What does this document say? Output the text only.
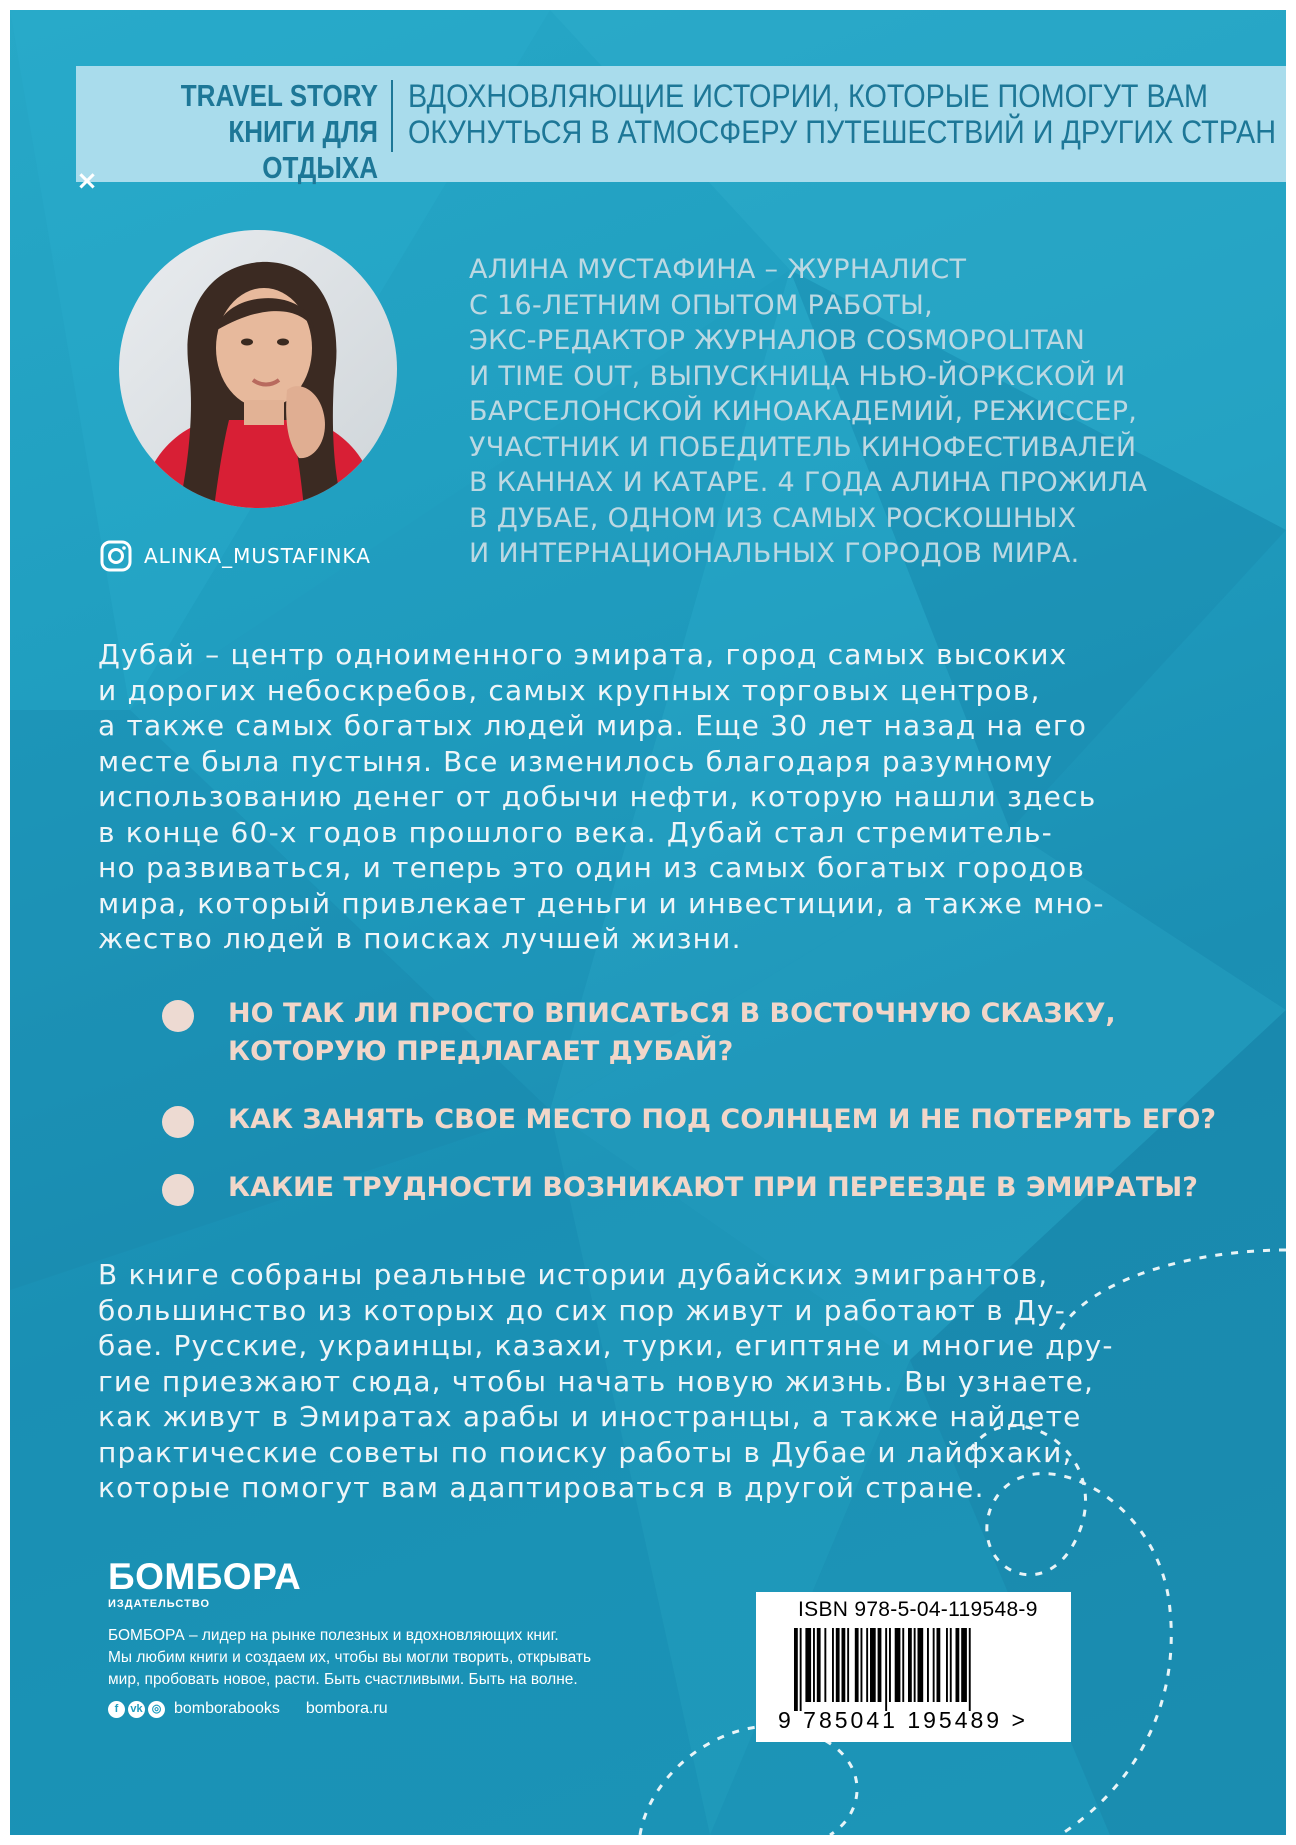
×
TRAVEL STORY
КНИГИ ДЛЯ ОТДЫХА
ВДОХНОВЛЯЮЩИЕ ИСТОРИИ, КОТОРЫЕ ПОМОГУТ ВАМ
ОКУНУТЬСЯ В АТМОСФЕРУ ПУТЕШЕСТВИЙ И ДРУГИХ СТРАН
ALINKA_MUSTAFINKA
АЛИНА МУСТАФИНА – ЖУРНАЛИСТ
С 16-ЛЕТНИМ ОПЫТОМ РАБОТЫ,
ЭКС-РЕДАКТОР ЖУРНАЛОВ COSMOPOLITAN
И TIME OUT, ВЫПУСКНИЦА НЬЮ-ЙОРКСКОЙ И
БАРСЕЛОНСКОЙ КИНОАКАДЕМИЙ, РЕЖИССЕР,
УЧАСТНИК И ПОБЕДИТЕЛЬ КИНОФЕСТИВАЛЕЙ
В КАННАХ И КАТАРЕ. 4 ГОДА АЛИНА ПРОЖИЛА
В ДУБАЕ, ОДНОМ ИЗ САМЫХ РОСКОШНЫХ
И ИНТЕРНАЦИОНАЛЬНЫХ ГОРОДОВ МИРА.
Дубай – центр одноименного эмирата, город самых высоких
и дорогих небоскребов, самых крупных торговых центров,
а также самых богатых людей мира. Еще 30 лет назад на его
месте была пустыня. Все изменилось благодаря разумному
использованию денег от добычи нефти, которую нашли здесь
в конце 60-х годов прошлого века. Дубай стал стремитель-
но развиваться, и теперь это один из самых богатых городов
мира, который привлекает деньги и инвестиции, а также мно-
жество людей в поисках лучшей жизни.
НО ТАК ЛИ ПРОСТО ВПИСАТЬСЯ В ВОСТОЧНУЮ СКАЗКУ,
КОТОРУЮ ПРЕДЛАГАЕТ ДУБАЙ?
КАК ЗАНЯТЬ СВОЕ МЕСТО ПОД СОЛНЦЕМ И НЕ ПОТЕРЯТЬ ЕГО?
КАКИЕ ТРУДНОСТИ ВОЗНИКАЮТ ПРИ ПЕРЕЕЗДЕ В ЭМИРАТЫ?
В книге собраны реальные истории дубайских эмигрантов,
большинство из которых до сих пор живут и работают в Ду-
бае. Русские, украинцы, казахи, турки, египтяне и многие дру-
гие приезжают сюда, чтобы начать новую жизнь. Вы узнаете,
как живут в Эмиратах арабы и иностранцы, а также найдете
практические советы по поиску работы в Дубае и лайфхаки,
которые помогут вам адаптироваться в другой стране.
БОМБОРА
ИЗДАТЕЛЬСТВО
БОМБОРА – лидер на рынке полезных и вдохновляющих книг.
Мы любим книги и создаем их, чтобы вы могли творить, открывать
мир, пробовать новое, расти. Быть счастливыми. Быть на волне.
f	vk ◎ bomborabooks bombora.ru
ISBN 978-5-04-119548-9
9 785041 195489 >
